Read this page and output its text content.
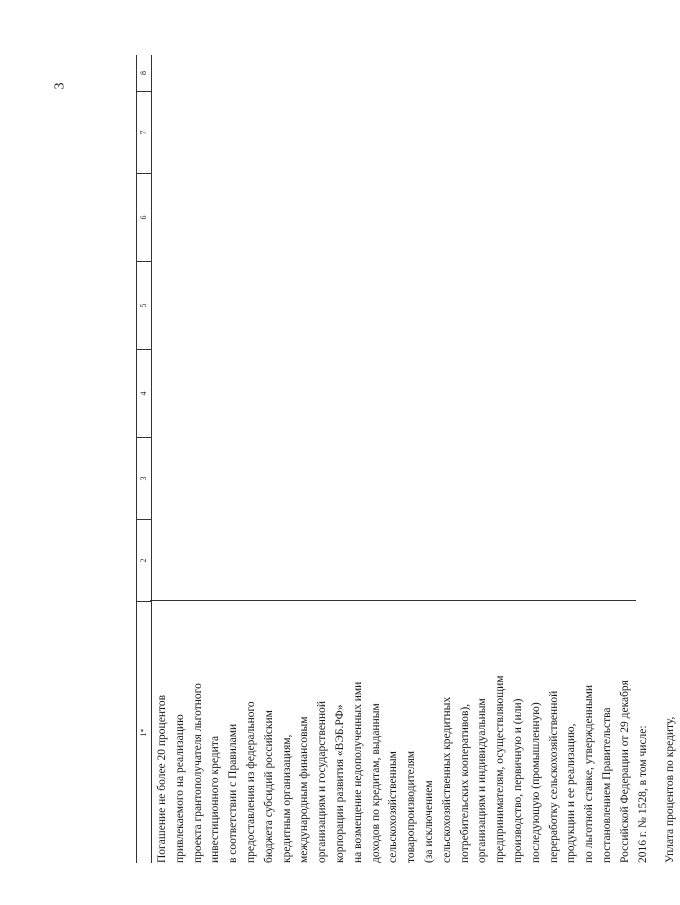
3
1*
2
3
4
5
6
7
8

Погашение не более 20 процентов привлекаемого на реализацию проекта грантополучателя льготного инвестиционного кредита в соответствии с Правилами предоставления из федерального бюджета субсидий российским кредитным организациям, международным финансовым организациям и государственной корпорации развития «ВЭБ.РФ» на возмещение недополученных ими доходов по кредитам, выданным сельскохозяйственным товаропроизводителям (за исключением сельскохозяйственных кредитных потребительских кооперативов), организациям и индивидуальным предпринимателям, осуществляющим производство, первичную и (или) последующую (промышленную) переработку сельскохозяйственной продукции и ее реализацию, по льготной ставке, утвержденными постановлением Правительства Российской Федерации от 29 декабря 2016 г. № 1528, в том числе:	Уплата процентов по кредиту,
